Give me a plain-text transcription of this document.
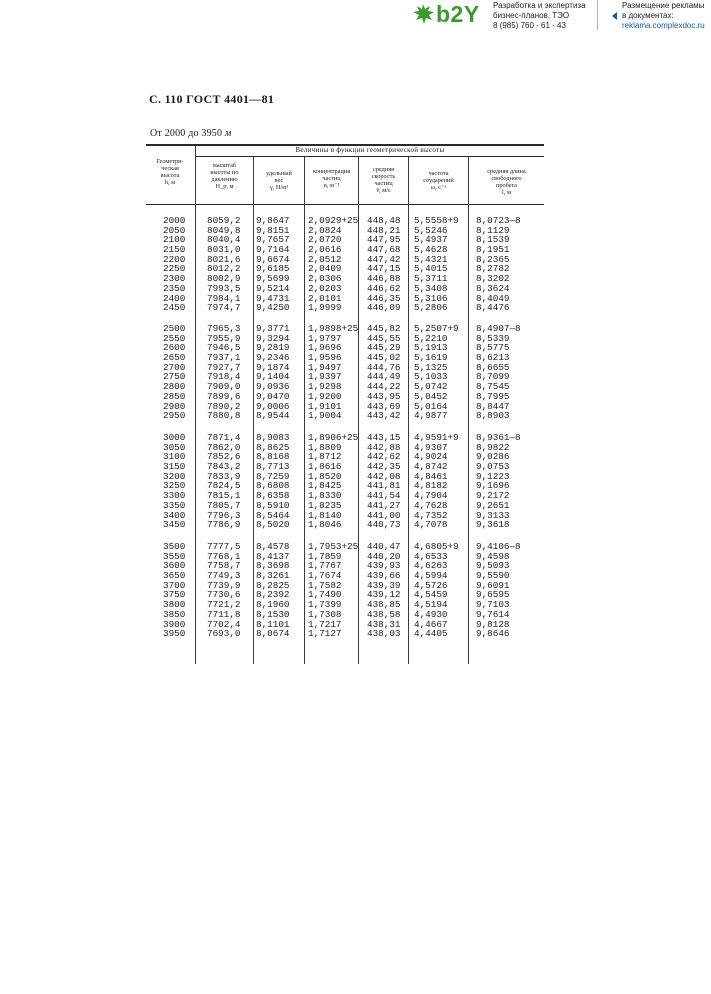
b2Y Разработка и экспертиза
бизнес-планов, ТЭО
8 (985) 760 - 61 - 43
Размещение рекламы
в документах:
reklama.complexdoc.ru
С. 110 ГОСТ 4401—81
От 2000 до 3950 м
Величины в функции геометрической высоты
Геометри-
ческая
высота
h, м
масштаб
высоты по
давлению
H_p, м
удельный
вес
γ, Н/м³
концентрация
частиц
n, м⁻³
средняя
скорость
частиц
v̄, м/с
частота
соударений
ω, с⁻¹
средняя длина
свободного
пробега
l, м
2000
2050
2100
2150
2200
2250
2300
2350
2400
2450
8059,2
8049,8
8040,4
8031,0
8021,6
8012,2
8002,9
7993,5
7984,1
7974,7
9,8647
9,8151
9,7657
9,7164
9,6674
9,6185
9,5699
9,5214
9,4731
9,4250
2,0929+25
2,0824
2,0720
2,0616
2,0512
2,0409
2,0306
2,0203
2,0101
1,9999
448,48
448,21
447,95
447,68
447,42
447,15
446,88
446,62
446,35
446,09
5,5558+9
5,5246
5,4937
5,4628
5,4321
5,4015
5,3711
5,3408
5,3106
5,2806
8,0723—8
8,1129
8,1539
8,1951
8,2365
8,2782
8,3202
8,3624
8,4049
8,4476
2500
2550
2600
2650
2700
2750
2800
2850
2900
2950
7965,3
7955,9
7946,5
7937,1
7927,7
7918,4
7909,0
7899,6
7890,2
7880,8
9,3771
9,3294
9,2819
9,2346
9,1874
9,1404
9,0936
9,0470
9,0006
8,9544
1,9898+25
1,9797
1,9696
1,9596
1,9497
1,9397
1,9298
1,9200
1,9101
1,9004
445,82
445,55
445,29
445,02
444,76
444,49
444,22
443,95
443,69
443,42
5,2507+9
5,2210
5,1913
5,1619
5,1325
5,1033
5,0742
5,0452
5,0164
4,9877
8,4907—8
8,5339
8,5775
8,6213
8,6655
8,7099
8,7545
8,7995
8,8447
8,8903
3000
3050
3100
3150
3200
3250
3300
3350
3400
3450
7871,4
7862,0
7852,6
7843,2
7833,9
7824,5
7815,1
7805,7
7796,3
7786,9
8,9083
8,8625
8,8168
8,7713
8,7259
8,6808
8,6358
8,5910
8,5464
8,5020
1,8906+25
1,8809
1,8712
1,8616
1,8520
1,8425
1,8330
1,8235
1,8140
1,8046
443,15
442,88
442,62
442,35
442,08
441,81
441,54
441,27
441,00
440,73
4,9591+9
4,9307
4,9024
4,8742
4,8461
4,8182
4,7904
4,7628
4,7352
4,7078
8,9361—8
8,9822
9,0286
9,0753
9,1223
9,1696
9,2172
9,2651
9,3133
9,3618
3500
3550
3600
3650
3700
3750
3800
3850
3900
3950
7777,5
7768,1
7758,7
7749,3
7739,9
7730,6
7721,2
7711,8
7702,4
7693,0
8,4578
8,4137
8,3698
8,3261
8,2825
8,2392
8,1960
8,1530
8,1101
8,0674
1,7953+25
1,7859
1,7767
1,7674
1,7582
1,7490
1,7399
1,7308
1,7217
1,7127
440,47
440,20
439,93
439,66
439,39
439,12
438,85
438,58
438,31
438,03
4,6805+9
4,6533
4,6263
4,5994
4,5726
4,5459
4,5194
4,4930
4,4667
4,4405
9,4106—8
9,4598
9,5093
9,5590
9,6091
9,6595
9,7103
9,7614
9,8128
9,8646
